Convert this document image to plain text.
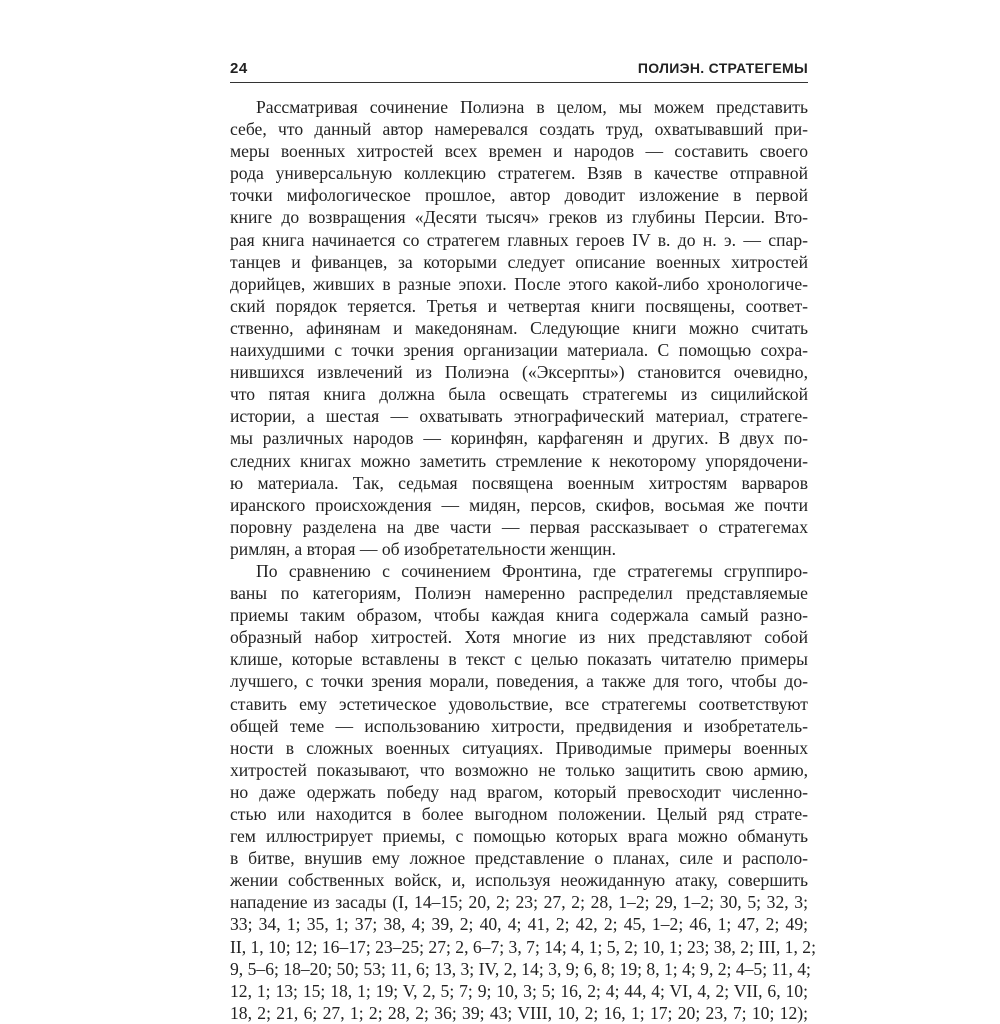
24	ПОЛИЭН. СТРАТЕГЕМЫ
Рассматривая сочинение Полиэна в целом, мы можем представить
себе, что данный автор намеревался создать труд, охватывавший при-
меры военных хитростей всех времен и народов — составить своего
рода универсальную коллекцию стратегем. Взяв в качестве отправной
точки мифологическое прошлое, автор доводит изложение в первой
книге до возвращения «Десяти тысяч» греков из глубины Персии. Вто-
рая книга начинается со стратегем главных героев IV в. до н. э. — спар-
танцев и фиванцев, за которыми следует описание военных хитростей
дорийцев, живших в разные эпохи. После этого какой-либо хронологиче-
ский порядок теряется. Третья и четвертая книги посвящены, соответ-
ственно, афинянам и македонянам. Следующие книги можно считать
наихудшими с точки зрения организации материала. С помощью сохра-
нившихся извлечений из Полиэна («Эксерпты») становится очевидно,
что пятая книга должна была освещать стратегемы из сицилийской
истории, а шестая — охватывать этнографический материал, стратеге-
мы различных народов — коринфян, карфагенян и других. В двух по-
следних книгах можно заметить стремление к некоторому упорядочени-
ю материала. Так, седьмая посвящена военным хитростям варваров
иранского происхождения — мидян, персов, скифов, восьмая же почти
поровну разделена на две части — первая рассказывает о стратегемах
римлян, а вторая — об изобретательности женщин.
По сравнению с сочинением Фронтина, где стратегемы сгруппиро-
ваны по категориям, Полиэн намеренно распределил представляемые
приемы таким образом, чтобы каждая книга содержала самый разно-
образный набор хитростей. Хотя многие из них представляют собой
клише, которые вставлены в текст с целью показать читателю примеры
лучшего, с точки зрения морали, поведения, а также для того, чтобы до-
ставить ему эстетическое удовольствие, все стратегемы соответствуют
общей теме — использованию хитрости, предвидения и изобретатель-
ности в сложных военных ситуациях. Приводимые примеры военных
хитростей показывают, что возможно не только защитить свою армию,
но даже одержать победу над врагом, который превосходит численно-
стью или находится в более выгодном положении. Целый ряд страте-
гем иллюстрирует приемы, с помощью которых врага можно обмануть
в битве, внушив ему ложное представление о планах, силе и располо-
жении собственных войск, и, используя неожиданную атаку, совершить
нападение из засады (I, 14–15; 20, 2; 23; 27, 2; 28, 1–2; 29, 1–2; 30, 5; 32, 3;
33; 34, 1; 35, 1; 37; 38, 4; 39, 2; 40, 4; 41, 2; 42, 2; 45, 1–2; 46, 1; 47, 2; 49;
II, 1, 10; 12; 16–17; 23–25; 27; 2, 6–7; 3, 7; 14; 4, 1; 5, 2; 10, 1; 23; 38, 2; III, 1, 2;
9, 5–6; 18–20; 50; 53; 11, 6; 13, 3; IV, 2, 14; 3, 9; 6, 8; 19; 8, 1; 4; 9, 2; 4–5; 11, 4;
12, 1; 13; 15; 18, 1; 19; V, 2, 5; 7; 9; 10, 3; 5; 16, 2; 4; 44, 4; VI, 4, 2; VII, 6, 10;
18, 2; 21, 6; 27, 1; 2; 28, 2; 36; 39; 43; VIII, 10, 2; 16, 1; 17; 20; 23, 7; 10; 12);
